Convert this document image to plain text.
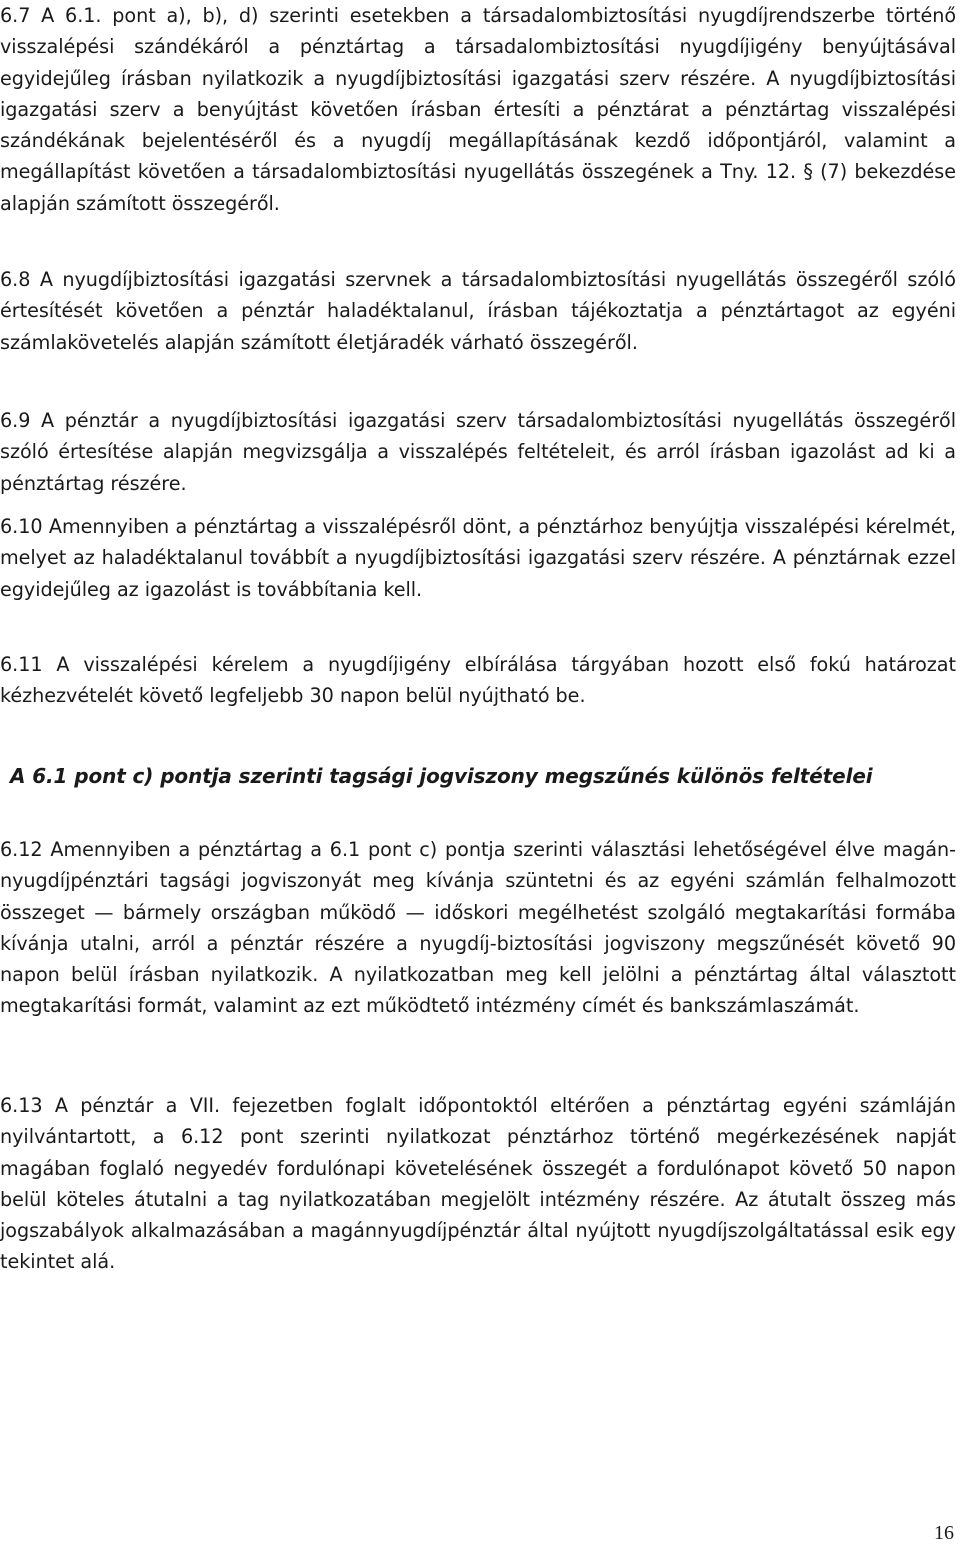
6.7 A 6.1. pont a), b), d) szerinti esetekben a társadalombiztosítási nyugdíjrendszerbe történő visszalépési szándékáról a pénztártag a társadalombiztosítási nyugdíjigény benyújtásával egyidejűleg írásban nyilatkozik a nyugdíjbiztosítási igazgatási szerv részére. A nyugdíjbiztosítási igazgatási szerv a benyújtást követően írásban értesíti a pénztárat a pénztártag visszalépési szándékának bejelentéséről és a nyugdíj megállapításának kezdő időpontjáról, valamint a megállapítást követően a társadalombiztosítási nyugellátás összegének a Tny. 12. § (7) bekezdése alapján számított összegéről.

6.8 A nyugdíjbiztosítási igazgatási szervnek a társadalombiztosítási nyugellátás összegéről szóló értesítését követően a pénztár haladéktalanul, írásban tájékoztatja a pénztártagot az egyéni számlakövetelés alapján számított életjáradék várható összegéről.

6.9 A pénztár a nyugdíjbiztosítási igazgatási szerv társadalombiztosítási nyugellátás összegéről szóló értesítése alapján megvizsgálja a visszalépés feltételeit, és arról írásban igazolást ad ki a pénztártag részére.

6.10 Amennyiben a pénztártag a visszalépésről dönt, a pénztárhoz benyújtja visszalépési kérelmét, melyet az haladéktalanul továbbít a nyugdíjbiztosítási igazgatási szerv részére. A pénztárnak ezzel egyidejűleg az igazolást is továbbítania kell.

6.11 A visszalépési kérelem a nyugdíjigény elbírálása tárgyában hozott első fokú határozat kézhezvételét követő legfeljebb 30 napon belül nyújtható be.

A 6.1 pont c) pontja szerinti tagsági jogviszony megszűnés különös feltételei

6.12 Amennyiben a pénztártag a 6.1 pont c) pontja szerinti választási lehetőségével élve magán-nyugdíjpénztári tagsági jogviszonyát meg kívánja szüntetni és az egyéni számlán felhalmozott összeget — bármely országban működő — időskori megélhetést szolgáló megtakarítási formába kívánja utalni, arról a pénztár részére a nyugdíj-biztosítási jogviszony megszűnését követő 90 napon belül írásban nyilatkozik. A nyilatkozatban meg kell jelölni a pénztártag által választott megtakarítási formát, valamint az ezt működtető intézmény címét és bankszámlaszámát.

6.13 A pénztár a VII. fejezetben foglalt időpontoktól eltérően a pénztártag egyéni számláján nyilvántartott, a 6.12 pont szerinti nyilatkozat pénztárhoz történő megérkezésének napját magában foglaló negyedév fordulónapi követelésének összegét a fordulónapot követő 50 napon belül köteles átutalni a tag nyilatkozatában megjelölt intézmény részére. Az átutalt összeg más jogszabályok alkalmazásában a magánnyugdíjpénztár által nyújtott nyugdíjszolgáltatással esik egy tekintet alá.

16
